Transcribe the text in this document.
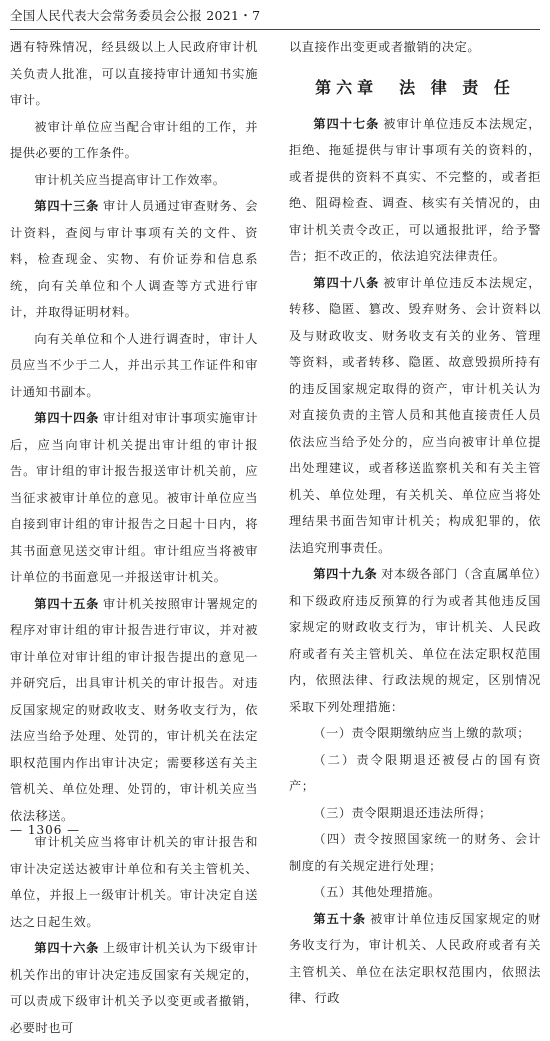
全国人民代表大会常务委员会公报 2021・7

遇有特殊情况，经县级以上人民政府审计机关负责人批准，可以直接持审计通知书实施审计。

被审计单位应当配合审计组的工作，并提供必要的工作条件。

审计机关应当提高审计工作效率。

第四十三条 审计人员通过审查财务、会计资料，查阅与审计事项有关的文件、资料，检查现金、实物、有价证券和信息系统，向有关单位和个人调查等方式进行审计，并取得证明材料。

向有关单位和个人进行调查时，审计人员应当不少于二人，并出示其工作证件和审计通知书副本。

第四十四条 审计组对审计事项实施审计后，应当向审计机关提出审计组的审计报告。审计组的审计报告报送审计机关前，应当征求被审计单位的意见。被审计单位应当自接到审计组的审计报告之日起十日内，将其书面意见送交审计组。审计组应当将被审计单位的书面意见一并报送审计机关。

第四十五条 审计机关按照审计署规定的程序对审计组的审计报告进行审议，并对被审计单位对审计组的审计报告提出的意见一并研究后，出具审计机关的审计报告。对违反国家规定的财政收支、财务收支行为，依法应当给予处理、处罚的，审计机关在法定职权范围内作出审计决定；需要移送有关主管机关、单位处理、处罚的，审计机关应当依法移送。

审计机关应当将审计机关的审计报告和审计决定送达被审计单位和有关主管机关、单位，并报上一级审计机关。审计决定自送达之日起生效。

第四十六条 上级审计机关认为下级审计机关作出的审计决定违反国家有关规定的，可以责成下级审计机关予以变更或者撤销，必要时也可

以直接作出变更或者撤销的决定。

第六章　法 律 责 任

第四十七条 被审计单位违反本法规定，拒绝、拖延提供与审计事项有关的资料的，或者提供的资料不真实、不完整的，或者拒绝、阻碍检查、调查、核实有关情况的，由审计机关责令改正，可以通报批评，给予警告；拒不改正的，依法追究法律责任。

第四十八条 被审计单位违反本法规定，转移、隐匿、篡改、毁弃财务、会计资料以及与财政收支、财务收支有关的业务、管理等资料，或者转移、隐匿、故意毁损所持有的违反国家规定取得的资产，审计机关认为对直接负责的主管人员和其他直接责任人员依法应当给予处分的，应当向被审计单位提出处理建议，或者移送监察机关和有关主管机关、单位处理，有关机关、单位应当将处理结果书面告知审计机关；构成犯罪的，依法追究刑事责任。

第四十九条 对本级各部门（含直属单位）和下级政府违反预算的行为或者其他违反国家规定的财政收支行为，审计机关、人民政府或者有关主管机关、单位在法定职权范围内，依照法律、行政法规的规定，区别情况采取下列处理措施：

（一）责令限期缴纳应当上缴的款项；

（二）责令限期退还被侵占的国有资产；

（三）责令限期退还违法所得；

（四）责令按照国家统一的财务、会计制度的有关规定进行处理；

（五）其他处理措施。

第五十条 被审计单位违反国家规定的财务收支行为，审计机关、人民政府或者有关主管机关、单位在法定职权范围内，依照法律、行政

— 1306 —
